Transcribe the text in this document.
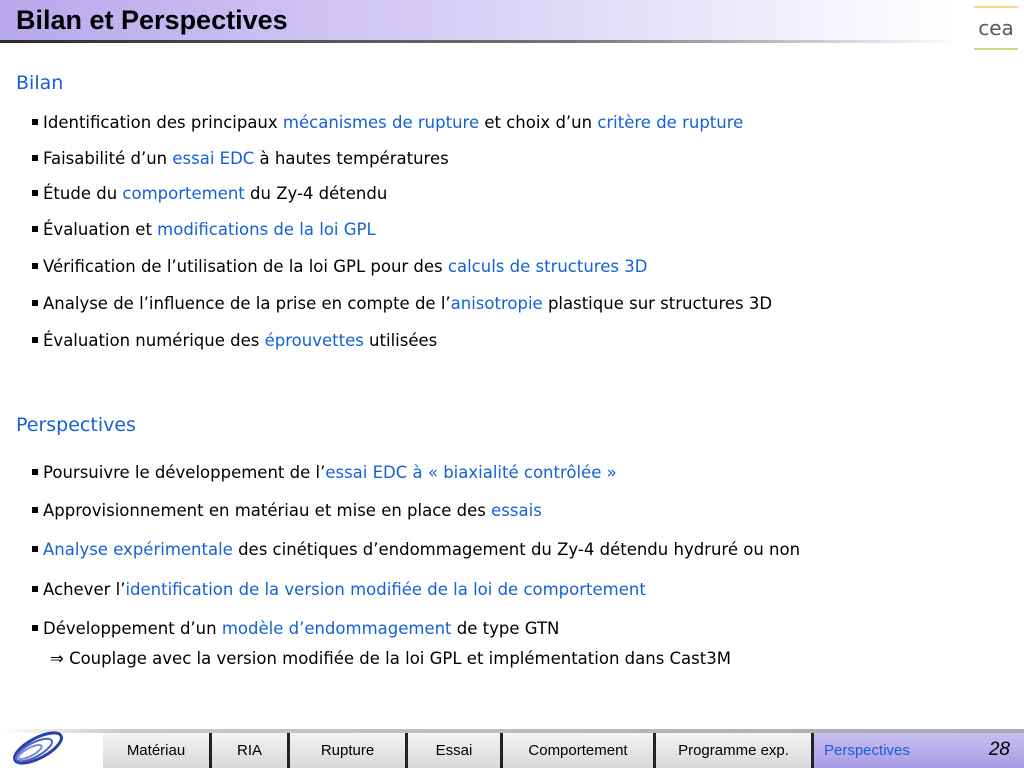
Bilan et Perspectives	cea
Bilan
Identification des principaux mécanismes de rupture et choix d’un critère de rupture
Faisabilité d’un essai EDC à hautes températures
Étude du comportement du Zy-4 détendu
Évaluation et modifications de la loi GPL
Vérification de l’utilisation de la loi GPL pour des calculs de structures 3D
Analyse de l’influence de la prise en compte de l’anisotropie plastique sur structures 3D
Évaluation numérique des éprouvettes utilisées
Perspectives
Poursuivre le développement de l’essai EDC à « biaxialité contrôlée »
Approvisionnement en matériau et mise en place des essais
Analyse expérimentale des cinétiques d’endommagement du Zy-4 détendu hydruré ou non
Achever l’identification de la version modifiée de la loi de comportement
Développement d’un modèle d’endommagement de type GTN
⇒ Couplage avec la version modifiée de la loi GPL et implémentation dans Cast3M
Matériau	RIA	Rupture	Essai	Comportement	Programme exp.	Perspectives	28
